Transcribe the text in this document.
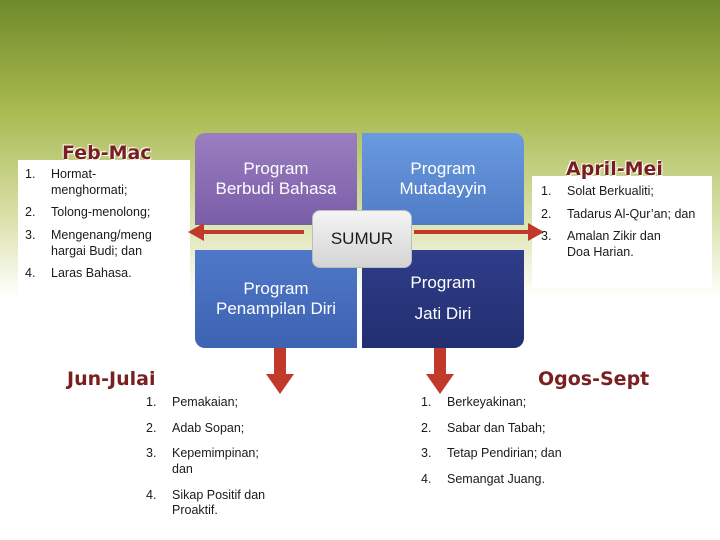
Program
Berbudi Bahasa
Program
Mutadayyin
Program
Penampilan Diri
Program
Jati Diri
SUMUR
Feb-Mac
April-Mei
Jun-Julai	Ogos-Sept
1.	Hormat-menghormati;
2.	Tolong-menolong;
3.	Mengenang/meng hargai Budi; dan
4.	Laras Bahasa.
1.	Solat Berkualiti;
2.	Tadarus Al-Qur’an; dan
3.	Amalan Zikir dan Doa Harian.
1.	Pemakaian;
2.	Adab Sopan;
3.	Kepemimpinan; dan
4.	Sikap Positif dan Proaktif.
1.	Berkeyakinan;
2.	Sabar dan Tabah;
3.	Tetap Pendirian; dan
4.	Semangat Juang.
